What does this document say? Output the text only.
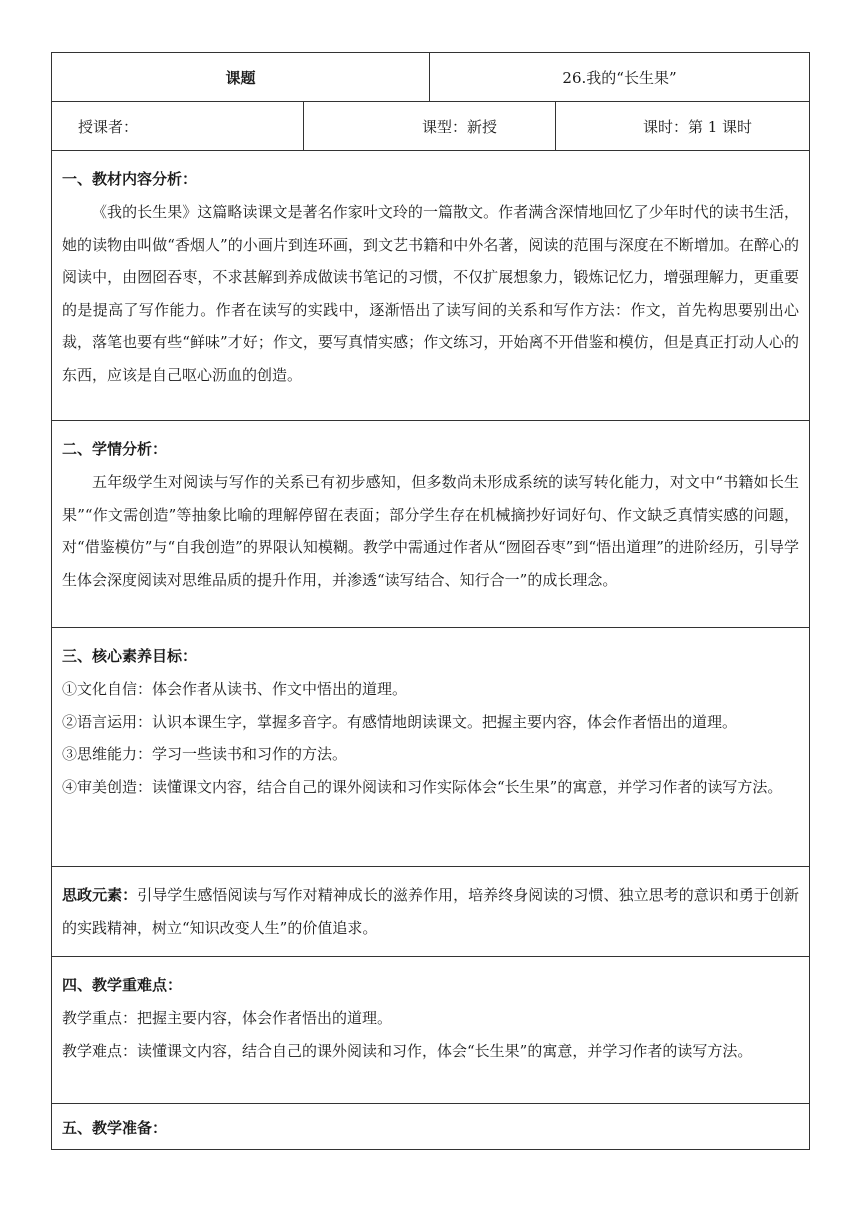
课题		26.我的“长生果”	
授课者：	课型：新授		课时：第 1 课时

一、教材内容分析：
《我的长生果》这篇略读课文是著名作家叶文玲的一篇散文。作者满含深情地回忆了少年时代的读书生活，她的读物由叫做“香烟人”的小画片到连环画，到文艺书籍和中外名著，阅读的范围与深度在不断增加。在醉心的阅读中，由囫囵吞枣，不求甚解到养成做读书笔记的习惯，不仅扩展想象力，锻炼记忆力，增强理解力，更重要的是提高了写作能力。作者在读写的实践中，逐渐悟出了读写间的关系和写作方法：作文，首先构思要别出心裁，落笔也要有些“鲜味”才好；作文，要写真情实感；作文练习，开始离不开借鉴和模仿，但是真正打动人心的东西，应该是自己呕心沥血的创造。			

二、学情分析：
五年级学生对阅读与写作的关系已有初步感知，但多数尚未形成系统的读写转化能力，对文中“书籍如长生果”“作文需创造”等抽象比喻的理解停留在表面；部分学生存在机械摘抄好词好句、作文缺乏真情实感的问题，对“借鉴模仿”与“自我创造”的界限认知模糊。教学中需通过作者从“囫囵吞枣”到“悟出道理”的进阶经历，引导学生体会深度阅读对思维品质的提升作用，并渗透“读写结合、知行合一”的成长理念。			

三、核心素养目标：
①文化自信：体会作者从读书、作文中悟出的道理。
②语言运用：认识本课生字，掌握多音字。有感情地朗读课文。把握主要内容，体会作者悟出的道理。
③思维能力：学习一些读书和习作的方法。
④审美创造：读懂课文内容，结合自己的课外阅读和习作实际体会“长生果”的寓意，并学习作者的读写方法。			

思政元素：引导学生感悟阅读与写作对精神成长的滋养作用，培养终身阅读的习惯、独立思考的意识和勇于创新的实践精神，树立“知识改变人生”的价值追求。			

四、教学重难点：
教学重点：把握主要内容，体会作者悟出的道理。
教学难点：读懂课文内容，结合自己的课外阅读和习作，体会“长生果”的寓意，并学习作者的读写方法。			

五、教学准备：			
